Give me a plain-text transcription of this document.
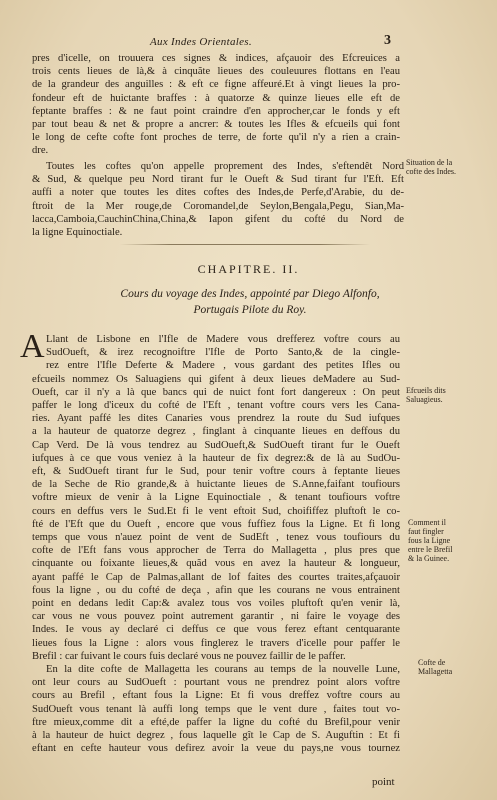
Aux Indes Orientales.	3
pres d'icelle, on trouuera ces signes & indices, afçauoir des Efcreuices a
trois cents lieues de là,& à cinquãte lieues des couleuures flottans en l'eau
de la grandeur des anguilles : & eft ce figne affeuré.Et à vingt lieues la pro-
fondeur eft de huictante braffes : à quatorze & quinze lieues elle eft de
feptante braffes : & ne faut point craindre d'en approcher,car le fonds y eft
par tout beau & net & propre a ancrer: & toutes les Ifles & efcueils qui font
le long de cefte cofte font proches de terre, de forte qu'il n'y a rien a crain-
dre.
Toutes les coftes qu'on appelle proprement des Indes, s'eftendêt Nord
& Sud, & quelque peu Nord tirant fur le Oueft & Sud tirant fur l'Eft. Eft
auffi a noter que toutes les dites coftes des Indes,de Perfe,d'Arabie, du de-
ftroit de la Mer rouge,de Coromandel,de Seylon,Bengala,Pegu, Sian,Ma-
lacca,Camboia,CauchinChina,China,& Iapon gifent du cofté du Nord de
la ligne Equinoctiale.
Situation de la cofte des Indes.
CHAPITRE. II.
Cours du voyage des Indes, appointé par Diego Alfonfo,
Portugais Pilote du Roy.
A Llant de Lisbone en l'Ifle de Madere vous drefferez voftre cours au
SudOueft, & irez recognoiftre l'Ifle de Porto Santo,& de la cingle-
rez entre l'Ifle Deferte & Madere , vous gardant des petites Ifles ou
efcueils nommez Os Saluagiens qui gifent à deux lieues deMadere au Sud-
Oueft, car il n'y a là que bancs qui de nuict font fort dangereux : On peut
paffer le long d'iceux du cofté de l'Eft , tenant voftre cours vers les Cana-
ries. Ayant paffé les dites Canaries vous prendrez la route du Sud iufques
a la hauteur de quatorze degrez , finglant à cinquante lieues en deffous du
Cap Verd. De là vous tendrez au SudOueft,& SudOueft tirant fur le Oueft
iufques à ce que vous veniez à la hauteur de fix degrez:& de là au SudOu-
eft, & SudOueft tirant fur le Sud, pour tenir voftre cours à feptante lieues
de la Seche de Rio grande,& à huictante lieues de S.Anne,faifant toufiours
voftre mieux de venir à la Ligne Equinoctiale , & tenant toufiours voftre
cours en deffus vers le Sud.Et fi le vent eftoit Sud, choififfez pluftoft le co-
fté de l'Eft que du Oueft , encore que vous fuffiez fous la Ligne. Et fi long
temps que vous n'auez point de vent de SudEft , tenez vous toufiours du
cofte de l'Eft fans vous approcher de Terra do Mallagetta , plus pres que
cinquante ou foixante lieues,& quãd vous en avez la hauteur & longueur,
ayant paffé le Cap de Palmas,allant de lof faites des courtes traites,afçauoir
fous la ligne , ou du cofté de deça , afin que les courans ne vous entrainent
point en dedans ledit Cap:& avalez tous vos voiles pluftoft qu'en venir là,
car vous ne vous pouvez point autrement garantir , ni faire le voyage des
Indes. Ie vous ay declaré ci deffus ce que vous ferez eftant centquarante
lieues fous la Ligne : alors vous finglerez le travers d'icelle pour paffer le
Brefil : car fuivant le cours fuis declaré vous ne pouvez faillir de le paffer.
En la dite cofte de Mallagetta les courans au temps de la nouvelle Lune,
ont leur cours au SudOueft : pourtant vous ne prendrez point alors voftre
cours au Brefil , eftant fous la Ligne: Et fi vous dreffez voftre cours au
SudOueft vous tenant là auffi long temps que le vent dure , faites tout vo-
ftre mieux,comme dit a efté,de paffer la ligne du cofté du Brefil,pour venir
à la hauteur de huict degrez , fous laquelle gît le Cap de S. Auguftin : Et fi
eftant en cefte hauteur vous defirez avoir la veue du pays,ne vous tournez
Efcueils dits Saluagieus.
Comment il faut fingler fous la Ligne entre le Brefil & la Guinee.
Cofte de Mallagetta
point
